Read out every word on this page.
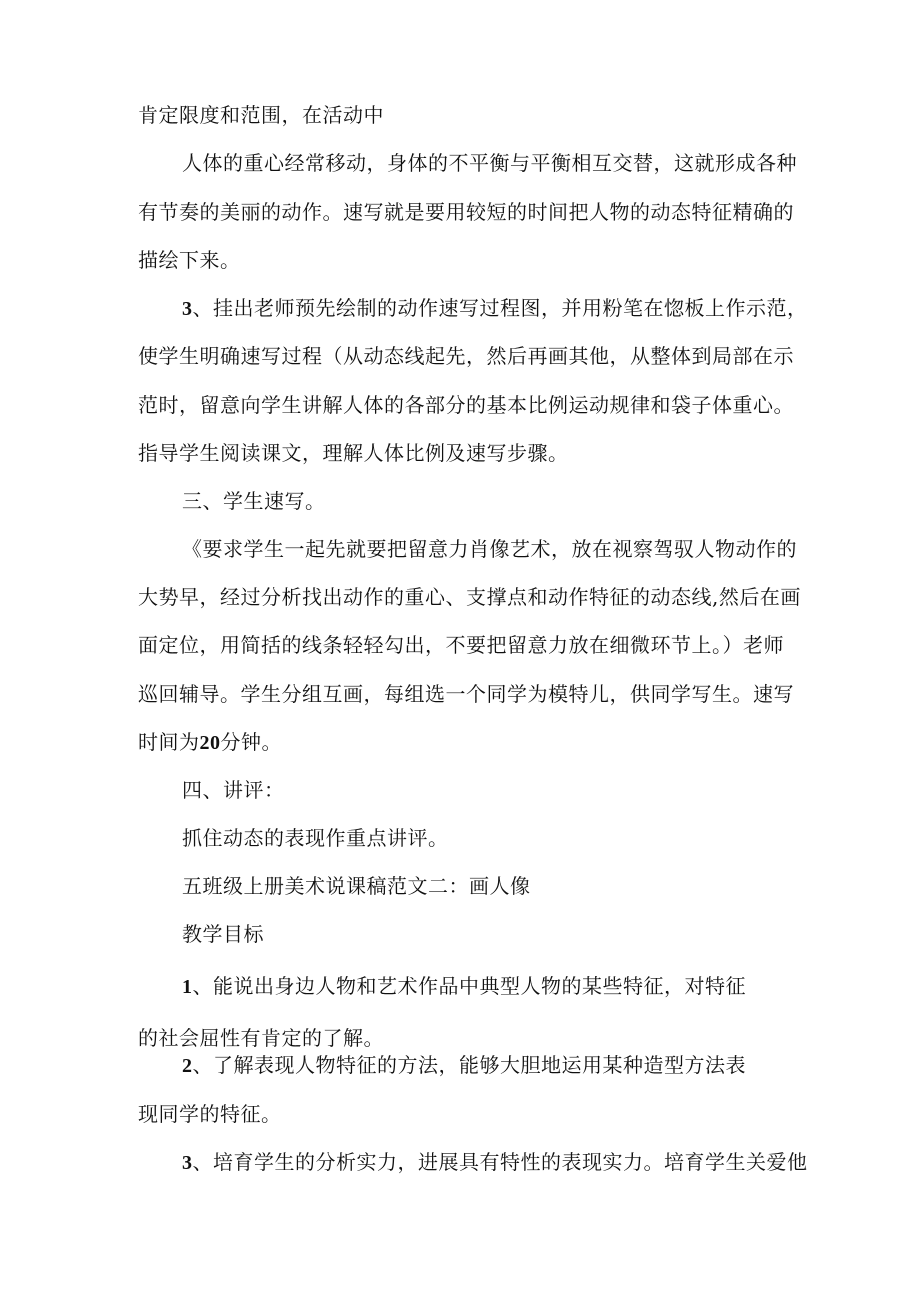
肯定限度和范围，在活动中
人体的重心经常移动，身体的不平衡与平衡相互交替，这就形成各种
有节奏的美丽的动作。速写就是要用较短的时间把人物的动态特征精确的
描绘下来。
3、挂出老师预先绘制的动作速写过程图，并用粉笔在惚板上作示范，
使学生明确速写过程（从动态线起先，然后再画其他，从整体到局部在示
范时，留意向学生讲解人体的各部分的基本比例运动规律和袋子体重心。
指导学生阅读课文，理解人体比例及速写步骤。
三、学生速写。
《要求学生一起先就要把留意力肖像艺术，放在视察驾驭人物动作的
大势早，经过分析找出动作的重心、支撑点和动作特征的动态线,然后在画
面定位，用简括的线条轻轻勾出，不要把留意力放在细微环节上。）老师
巡回辅导。学生分组互画，每组选一个同学为模特儿，供同学写生。速写
时间为20分钟。
四、讲评：
抓住动态的表现作重点讲评。
五班级上册美术说课稿范文二：画人像
教学目标
1、能说出身边人物和艺术作品中典型人物的某些特征，对特征
的社会屈性有肯定的了解。
2、了解表现人物特征的方法，能够大胆地运用某种造型方法表
现同学的特征。
3、培育学生的分析实力，进展具有特性的表现实力。培育学生关爱他
